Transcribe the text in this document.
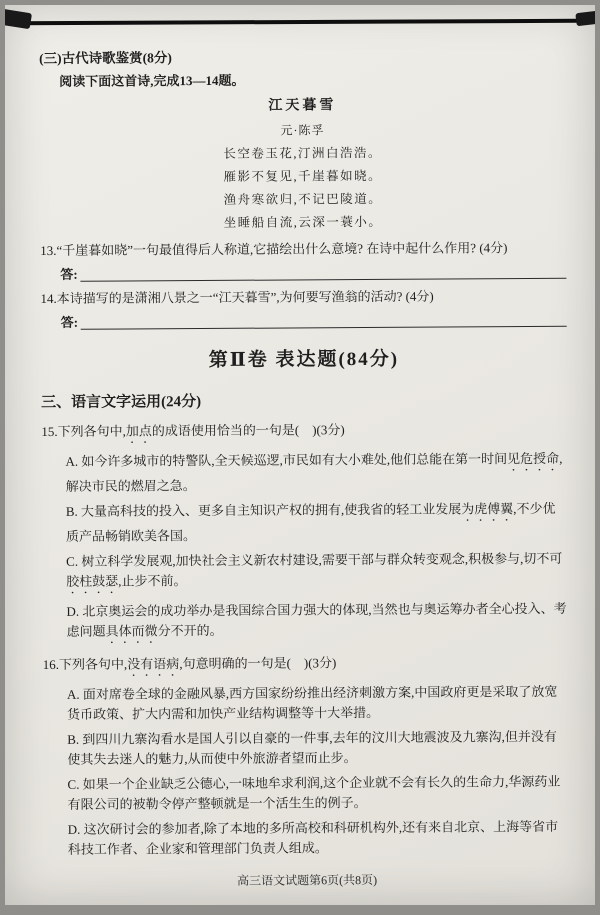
(三)古代诗歌鉴赏(8分)
阅读下面这首诗,完成13—14题。
江天暮雪
元·陈孚
长空卷玉花,汀洲白浩浩。
雁影不复见,千崖暮如晓。
渔舟寒欲归,不记巴陵道。
坐睡船自流,云深一蓑小。
13.“千崖暮如晓”一句最值得后人称道,它描绘出什么意境? 在诗中起什么作用? (4分)
答:
14.本诗描写的是潇湘八景之一“江天暮雪”,为何要写渔翁的活动? (4分)
答:
第Ⅱ卷 表达题(84分)
三、语言文字运用(24分)
15.下列各句中,加点的成语使用恰当的一句是(　)(3分)
A. 如今许多城市的特警队,全天候巡逻,市民如有大小难处,他们总能在第一时间见危授命,解决市民的燃眉之急。
B. 大量高科技的投入、更多自主知识产权的拥有,使我省的轻工业发展为虎傅翼,不少优质产品畅销欧美各国。
C. 树立科学发展观,加快社会主义新农村建设,需要干部与群众转变观念,积极参与,切不可胶柱鼓瑟,止步不前。
D. 北京奥运会的成功举办是我国综合国力强大的体现,当然也与奥运筹办者全心投入、考虑问题具体而微分不开的。
16.下列各句中,没有语病,句意明确的一句是(　)(3分)
A. 面对席卷全球的金融风暴,西方国家纷纷推出经济刺激方案,中国政府更是采取了放宽货币政策、扩大内需和加快产业结构调整等十大举措。
B. 到四川九寨沟看水是国人引以自豪的一件事,去年的汶川大地震波及九寨沟,但并没有使其失去迷人的魅力,从而使中外旅游者望而止步。
C. 如果一个企业缺乏公德心,一味地牟求利润,这个企业就不会有长久的生命力,华源药业有限公司的被勒令停产整顿就是一个活生生的例子。
D. 这次研讨会的参加者,除了本地的多所高校和科研机构外,还有来自北京、上海等省市科技工作者、企业家和管理部门负责人组成。
高三语文试题第6页(共8页)
